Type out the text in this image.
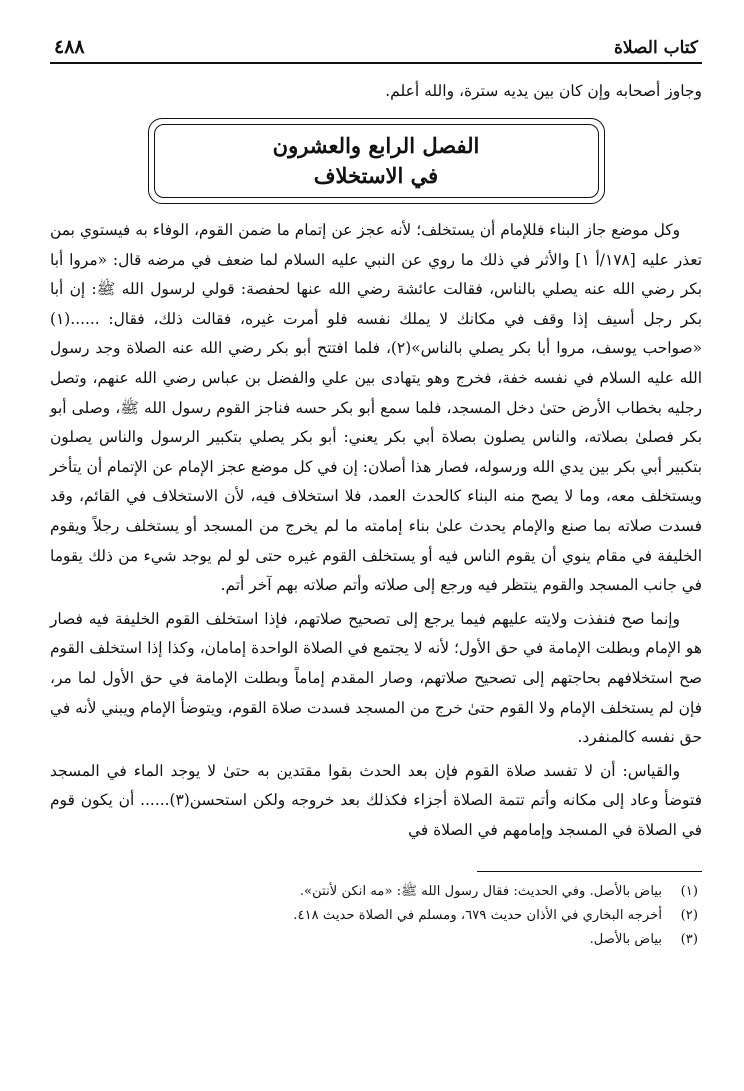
كتاب الصلاة
٤٨٨

وجاوز أصحابه وإن كان بين يديه سترة، والله أعلم.

الفصل الرابع والعشرون
في الاستخلاف

وكل موضع جاز البناء فللإمام أن يستخلف؛ لأنه عجز عن إتمام ما ضمن القوم، الوفاء به فيستوي بمن تعذر عليه [١٧٨/أ ١] والأثر في ذلك ما روي عن النبي عليه السلام لما ضعف في مرضه قال: «مروا أبا بكر رضي الله عنه يصلي بالناس، فقالت عائشة رضي الله عنها لحفصة: قولي لرسول الله ﷺ: إن أبا بكر رجل أسيف إذا وقف في مكانك لا يملك نفسه فلو أمرت غيره، فقالت ذلك، فقال: ......(١) «صواحب يوسف، مروا أبا بكر يصلي بالناس»(٢)، فلما افتتح أبو بكر رضي الله عنه الصلاة وجد رسول الله عليه السلام في نفسه خفة، فخرج وهو يتهادى بين علي والفضل بن عباس رضي الله عنهم، وتصل رجليه بخطاب الأرض حتىٰ دخل المسجد، فلما سمع أبو بكر حسه فناجز القوم رسول الله ﷺ، وصلى أبو بكر فصلىٰ بصلاته، والناس يصلون بصلاة أبي بكر يعني: أبو بكر يصلي بتكبير الرسول والناس يصلون بتكبير أبي بكر بين يدي الله ورسوله، فصار هذا أصلان: إن في كل موضع عجز الإمام عن الإتمام أن يتأخر ويستخلف معه، وما لا يصح منه البناء كالحدث العمد، فلا استخلاف فيه، لأن الاستخلاف في القائم، وقد فسدت صلاته بما صنع والإمام يحدث علىٰ بناء إمامته ما لم يخرج من المسجد أو يستخلف رجلاً ويقوم الخليفة في مقام ينوي أن يقوم الناس فيه أو يستخلف القوم غيره حتى لو لم يوجد شيء من ذلك يقوما في جانب المسجد والقوم ينتظر فيه ورجع إلى صلاته وأتم صلاته بهم آخر أتم.

وإنما صح فنفذت ولايته عليهم فيما يرجع إلى تصحيح صلاتهم، فإذا استخلف القوم الخليفة فيه فصار هو الإمام وبطلت الإمامة في حق الأول؛ لأنه لا يجتمع في الصلاة الواحدة إمامان، وكذا إذا استخلف القوم صح استخلافهم بحاجتهم إلى تصحيح صلاتهم، وصار المقدم إماماً وبطلت الإمامة في حق الأول لما مر، فإن لم يستخلف الإمام ولا القوم حتىٰ خرج من المسجد فسدت صلاة القوم، ويتوضأ الإمام ويبني لأنه في حق نفسه كالمنفرد.

والقياس: أن لا تفسد صلاة القوم فإن بعد الحدث بقوا مقتدين به حتىٰ لا يوجد الماء في المسجد فتوضأ وعاد إلى مكانه وأتم تتمة الصلاة أجزاء فكذلك بعد خروجه ولكن استحسن(٣)...... أن يكون قوم في الصلاة في المسجد وإمامهم في الصلاة في

(١)
بياض بالأصل. وفي الحديث: فقال رسول الله ﷺ: «مه انكن لأنتن».
(٢)
أخرجه البخاري في الأذان حديث ٦٧٩، ومسلم في الصلاة حديث ٤١٨.
(٣)
بياض بالأصل.
